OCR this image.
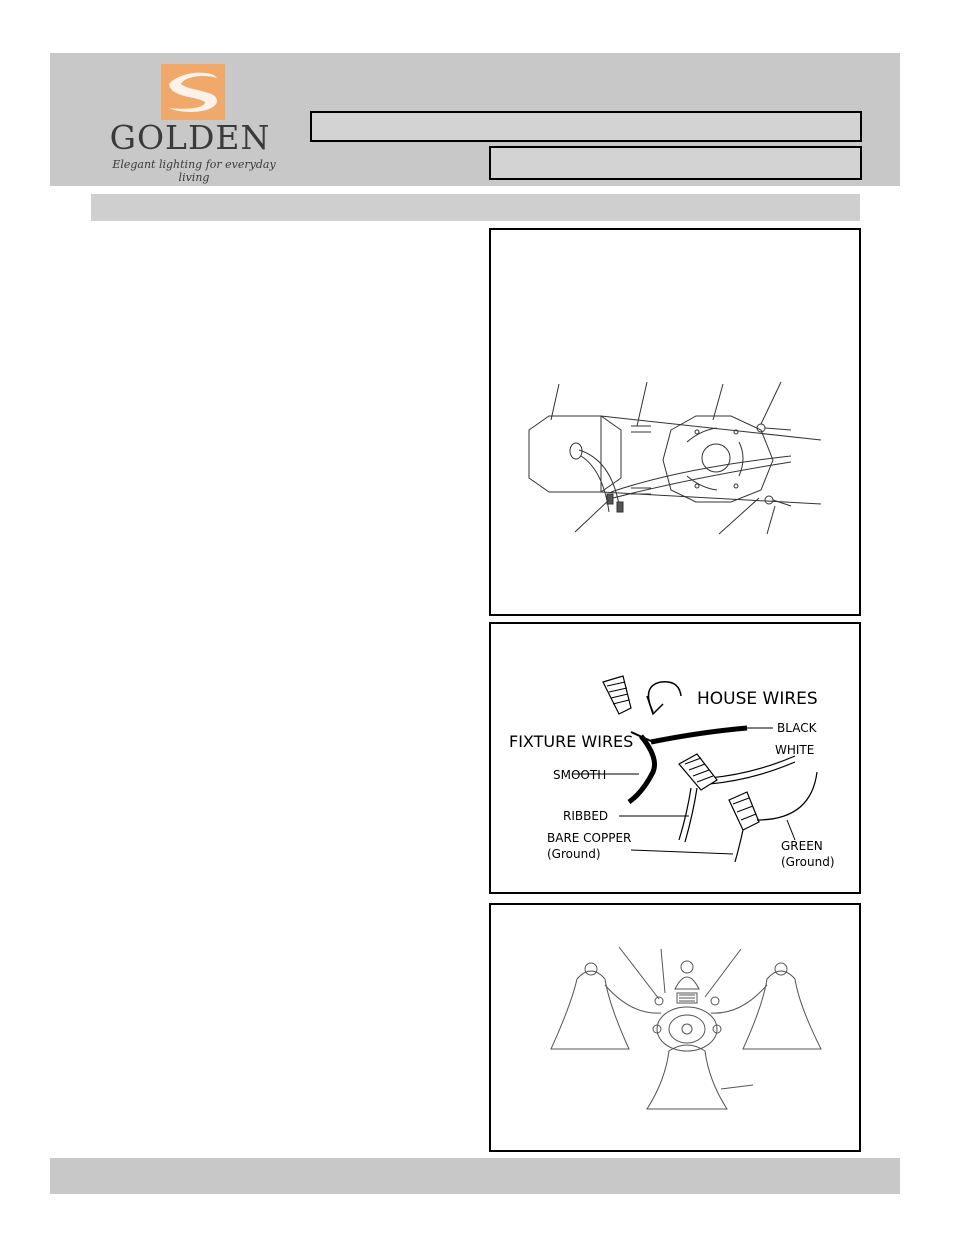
GOLDEN
Elegant lighting for everyday living
HOUSE WIRES
FIXTURE WIRES
BLACK
WHITE
SMOOTH
RIBBED
BARE COPPER
(Ground)
GREEN
(Ground)
